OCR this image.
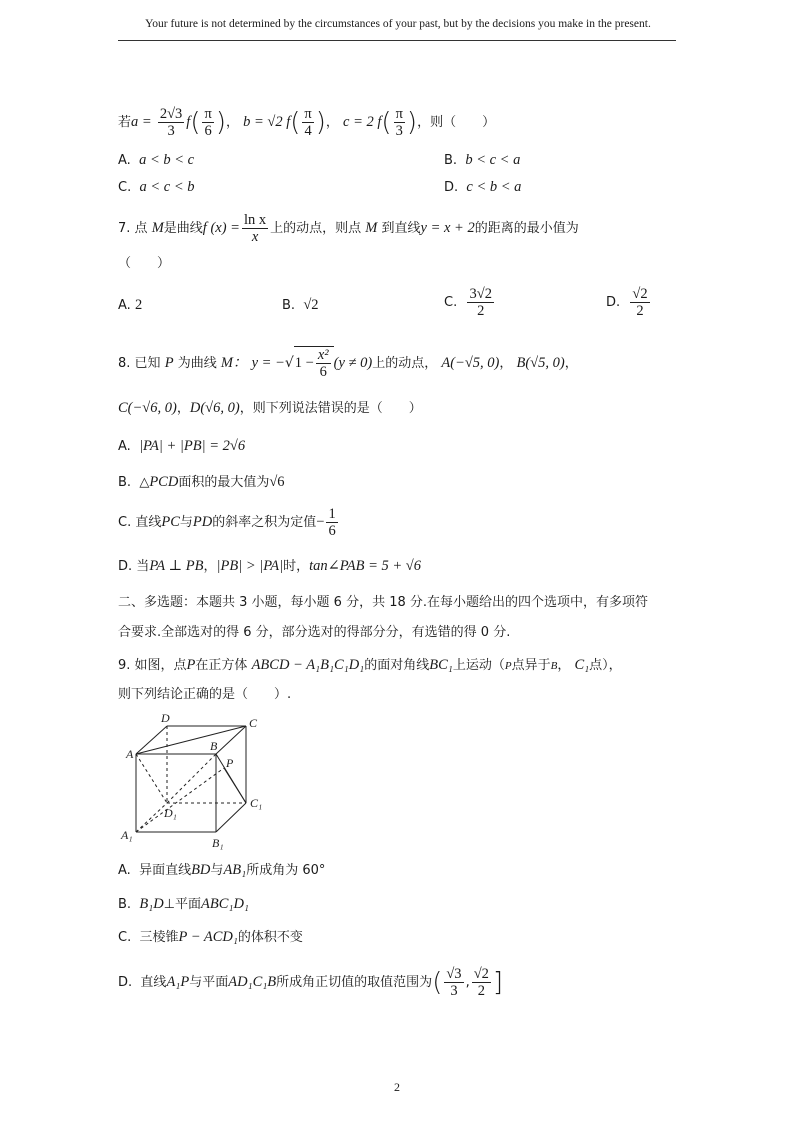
Your future is not determined by the circumstances of your past, but by the decisions you make in the present.
若$a = \frac{2√3}{3} f( \frac{\pi}{6}$ )， b = √2 $f( \frac{\pi}{4}$ )， c = 2 $f( \frac{\pi}{3}$ )，则（　　）
A. a < b < c	B. b < c < a
C. a < c < b	D. c < b < a
7. 点 M是曲线f $(x) = \frac{\text{ln x}}{x}$ 上的动点，则点 M 到直线y = x + 2的距离的最小值为
（　　）
A. 2	B. √2	C. $\frac{3√2}{2}$	D. $\frac{√2}{2}$
8. 已知 P 为曲线 M： $y = -√1 - \frac{\text{x²}}{6} (y \ne 0)$上的动点， A(−√5, 0)， B(√5, 0)，
C(−√6, 0)，D(√6, 0)，则下列说法错误的是（　　）
A. |PA| + |PB| = 2√6
B. △PCD面积的最大值为√6
C. 直线PC与PD的斜率之积为定值− $\frac{1}{6}$
D. 当PA ⊥ PB，|PB| > |PA|时，tan∠PAB = 5 + √6
二、多选题：本题共 3 小题，每小题 6 分，共 18 分.在每小题给出的四个选项中，有多项符
合要求.全部选对的得 6 分，部分选对的得部分分，有选错的得 0 分.
9. 如图，点P在正方体 ABCD − A₁B₁C₁D₁的面对角线BC₁上运动（P点异于B， C₁点），
则下列结论正确的是（　　）.
D	C
A
B
P
D₁
C₁
A₁
B₁
A. 异面直线BD与AB₁所成角为 60°
B. B₁D⊥平面ABC₁D₁
C. 三棱锥P − ACD₁的体积不变
D. 直线A₁P与平面AD₁C₁B所成角正切值的取值范围为( $\frac{√3}{3}$ , $\frac{√2}{2}$ ]
2
